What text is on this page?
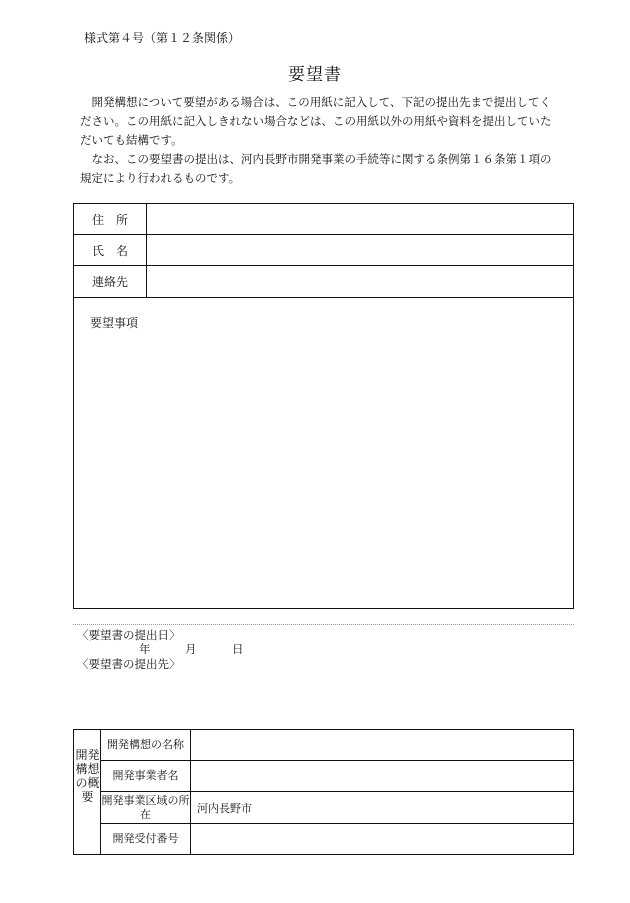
様式第４号（第１２条関係）
要望書

開発構想について要望がある場合は、この用紙に記入して、下記の提出先まで提出してください。この用紙に記入しきれない場合などは、この用紙以外の用紙や資料を提出していただいても結構です。

なお、この要望書の提出は、河内長野市開発事業の手続等に関する条例第１６条第１項の規定により行われるものです。

住　所
氏　名
連絡先
要望事項
〈要望書の提出日〉
年	月	日
〈要望書の提出先〉
開発構想の概要
開発構想の名称
開発事業者名
開発事業区域の所在	河内長野市
開発受付番号
